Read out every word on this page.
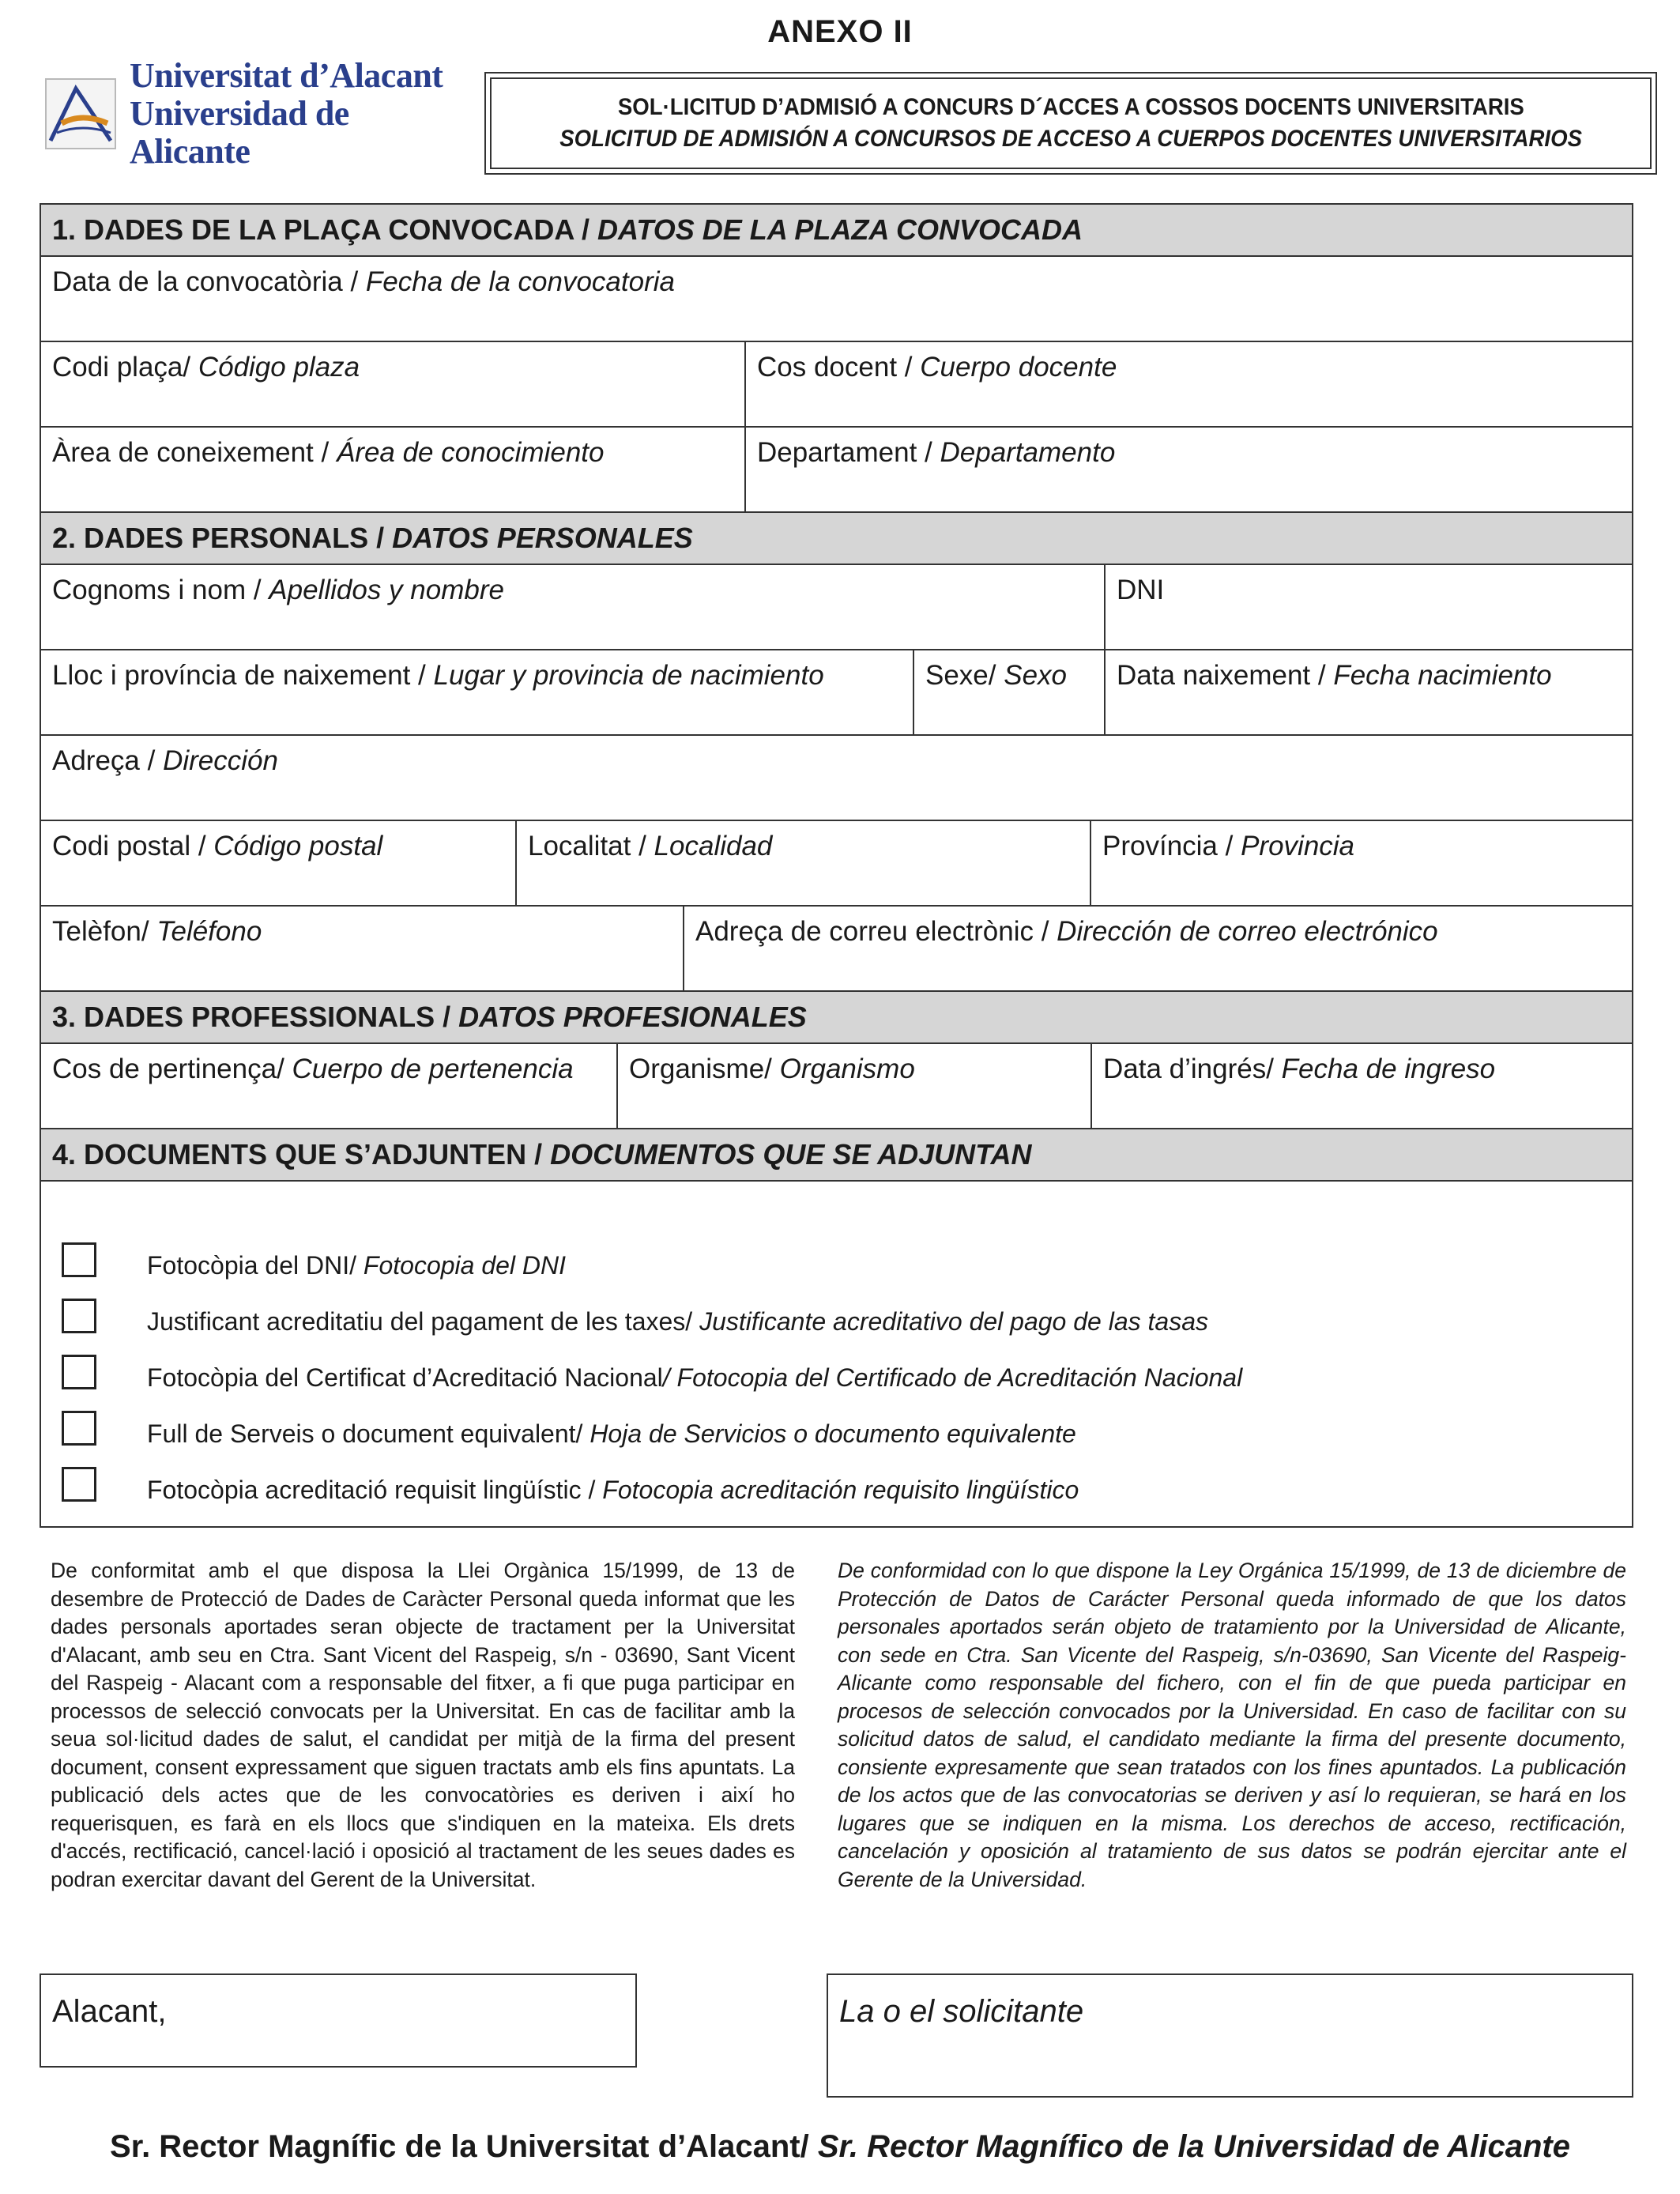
ANEXO II
Universitat d’Alacant
Universidad de Alicante
SOL·LICITUD D’ADMISIÓ A CONCURS D´ACCES A COSSOS DOCENTS UNIVERSITARIS
SOLICITUD DE ADMISIÓN A CONCURSOS DE ACCESO A CUERPOS DOCENTES UNIVERSITARIOS
1. DADES DE LA PLAÇA CONVOCADA / DATOS DE LA PLAZA CONVOCADA
Data de la convocatòria / Fecha de la convocatoria
Codi plaça/ Código plaza	Cos docent / Cuerpo docente
Àrea de coneixement / Área de conocimiento	Departament / Departamento
2. DADES PERSONALS / DATOS PERSONALES
Cognoms i nom / Apellidos y nombre	DNI
Lloc i província de naixement / Lugar y provincia de nacimiento	Sexe/ Sexo	Data naixement / Fecha nacimiento
Adreça / Dirección
Codi postal / Código postal	Localitat / Localidad	Província / Provincia
Telèfon/ Teléfono	Adreça de correu electrònic / Dirección de correo electrónico
3. DADES PROFESSIONALS / DATOS PROFESIONALES
Cos de pertinença/ Cuerpo de pertenencia	Organisme/ Organismo	Data d’ingrés/ Fecha de ingreso
4. DOCUMENTS QUE S’ADJUNTEN / DOCUMENTOS QUE SE ADJUNTAN
Fotocòpia del DNI/ Fotocopia del DNI
Justificant acreditatiu del pagament de les taxes/ Justificante acreditativo del pago de las tasas
Fotocòpia del Certificat d’Acreditació Nacional/ Fotocopia del Certificado de Acreditación Nacional
Full de Serveis o document equivalent/ Hoja de Servicios o documento equivalente
Fotocòpia acreditació requisit lingüístic / Fotocopia acreditación requisito lingüístico
De conformitat amb el que disposa la Llei Orgànica 15/1999, de 13 de desembre de Protecció de Dades de Caràcter Personal queda informat que les dades personals aportades seran objecte de tractament per la Universitat d'Alacant, amb seu en Ctra. Sant Vicent del Raspeig, s/n - 03690, Sant Vicent del Raspeig - Alacant com a responsable del fitxer, a fi que puga participar en processos de selecció convocats per la Universitat. En cas de facilitar amb la seua sol·licitud dades de salut, el candidat per mitjà de la firma del present document, consent expressament que siguen tractats amb els fins apuntats. La publicació dels actes que de les convocatòries es deriven i així ho requerisquen, es farà en els llocs que s'indiquen en la mateixa. Els drets d'accés, rectificació, cancel·lació i oposició al tractament de les seues dades es podran exercitar davant del Gerent de la Universitat.
De conformidad con lo que dispone la Ley Orgánica 15/1999, de 13 de diciembre de Protección de Datos de Carácter Personal queda informado de que los datos personales aportados serán objeto de tratamiento por la Universidad de Alicante, con sede en Ctra. San Vicente del Raspeig, s/n-03690, San Vicente del Raspeig-Alicante como responsable del fichero, con el fin de que pueda participar en procesos de selección convocados por la Universidad. En caso de facilitar con su solicitud datos de salud, el candidato mediante la firma del presente documento, consiente expresamente que sean tratados con los fines apuntados. La publicación de los actos que de las convocatorias se deriven y así lo requieran, se hará en los lugares que se indiquen en la misma. Los derechos de acceso, rectificación, cancelación y oposición al tratamiento de sus datos se podrán ejercitar ante el Gerente de la Universidad.
Alacant,	La o el solicitante
Sr. Rector Magnífic de la Universitat d’Alacant/ Sr. Rector Magnífico de la Universidad de Alicante
